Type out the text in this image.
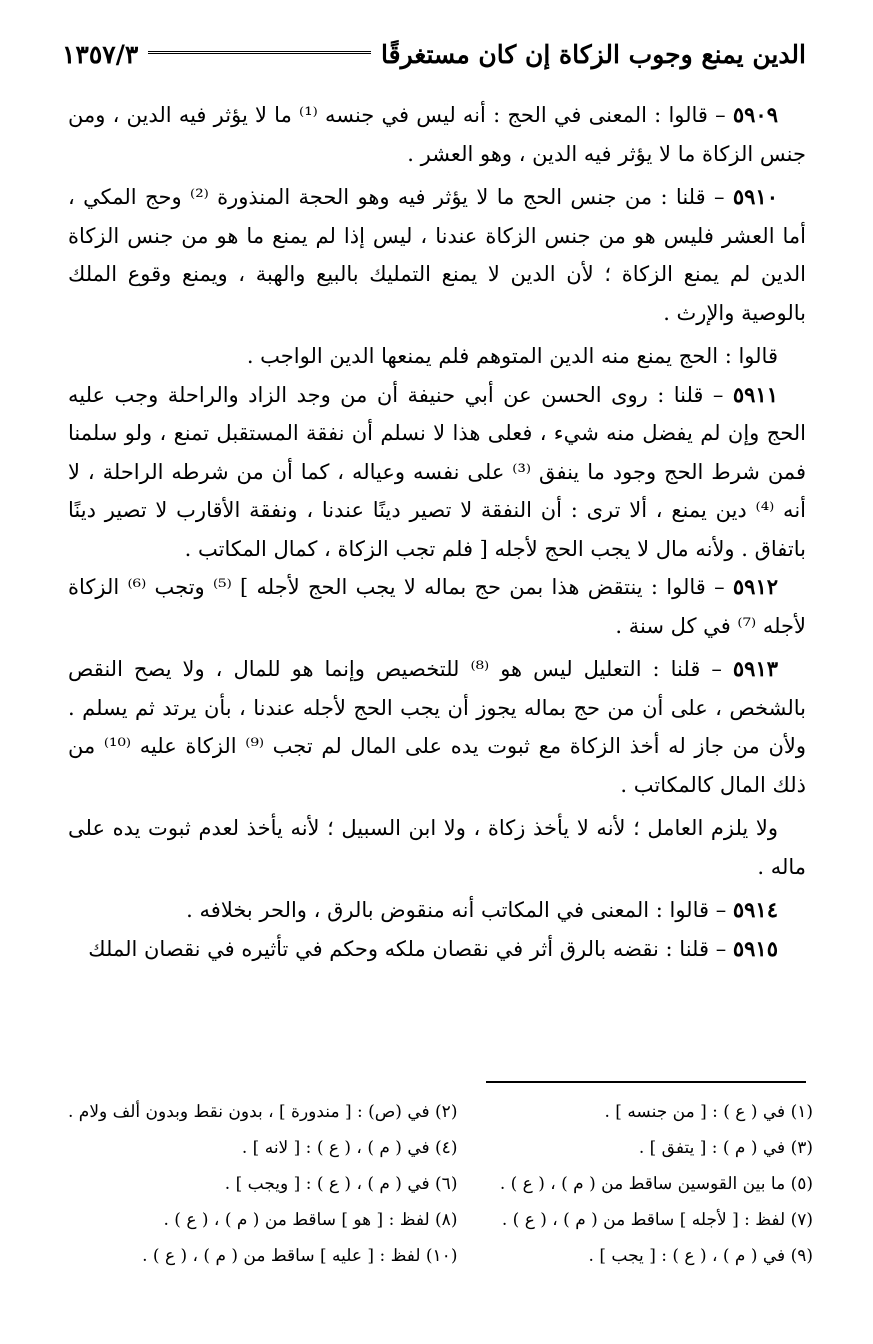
الدين يمنع وجوب الزكاة إن كان مستغرقًا
١٣٥٧/٣

٥٩٠٩ – قالوا : المعنى في الحج : أنه ليس في جنسه ⁽¹⁾ ما لا يؤثر فيه الدين ، ومن جنس الزكاة ما لا يؤثر فيه الدين ، وهو العشر .

٥٩١٠ – قلنا : من جنس الحج ما لا يؤثر فيه وهو الحجة المنذورة ⁽²⁾ وحج المكي ، أما العشر فليس هو من جنس الزكاة عندنا ، ليس إذا لم يمنع ما هو من جنس الزكاة الدين لم يمنع الزكاة ؛ لأن الدين لا يمنع التمليك بالبيع والهبة ، ويمنع وقوع الملك بالوصية والإرث .

قالوا : الحج يمنع منه الدين المتوهم فلم يمنعها الدين الواجب .

٥٩١١ – قلنا : روى الحسن عن أبي حنيفة أن من وجد الزاد والراحلة وجب عليه الحج وإن لم يفضل منه شيء ، فعلى هذا لا نسلم أن نفقة المستقبل تمنع ، ولو سلمنا فمن شرط الحج وجود ما ينفق ⁽³⁾ على نفسه وعياله ، كما أن من شرطه الراحلة ، لا أنه ⁽⁴⁾ دين يمنع ، ألا ترى : أن النفقة لا تصير دينًا عندنا ، ونفقة الأقارب لا تصير دينًا باتفاق . ولأنه مال لا يجب الحج لأجله [ فلم تجب الزكاة ، كمال المكاتب .

٥٩١٢ – قالوا : ينتقض هذا بمن حج بماله لا يجب الحج لأجله ] ⁽⁵⁾ وتجب ⁽⁶⁾ الزكاة لأجله ⁽⁷⁾ في كل سنة .

٥٩١٣ – قلنا : التعليل ليس هو ⁽⁸⁾ للتخصيص وإنما هو للمال ، ولا يصح النقص بالشخص ، على أن من حج بماله يجوز أن يجب الحج لأجله عندنا ، بأن يرتد ثم يسلم . ولأن من جاز له أخذ الزكاة مع ثبوت يده على المال لم تجب ⁽⁹⁾ الزكاة عليه ⁽¹⁰⁾ من ذلك المال كالمكاتب .

ولا يلزم العامل ؛ لأنه لا يأخذ زكاة ، ولا ابن السبيل ؛ لأنه يأخذ لعدم ثبوت يده على ماله .

٥٩١٤ – قالوا : المعنى في المكاتب أنه منقوض بالرق ، والحر بخلافه .

٥٩١٥ – قلنا : نقضه بالرق أثر في نقصان ملكه وحكم في تأثيره في نقصان الملك

(١) في ( ع ) : [ من جنسه ] .
(٢) في (ص) : [ مندورة ] ، بدون نقط وبدون ألف ولام .
(٣) في ( م ) : [ يتفق ] .
(٤) في ( م ) ، ( ع ) : [ لانه ] .
(٥) ما بين القوسين ساقط من ( م ) ، ( ع ) .
(٦) في ( م ) ، ( ع ) : [ ويجب ] .
(٧) لفظ : [ لأجله ] ساقط من ( م ) ، ( ع ) .
(٨) لفظ : [ هو ] ساقط من ( م ) ، ( ع ) .
(٩) في ( م ) ، ( ع ) : [ يجب ] .
(١٠) لفظ : [ عليه ] ساقط من ( م ) ، ( ع ) .
